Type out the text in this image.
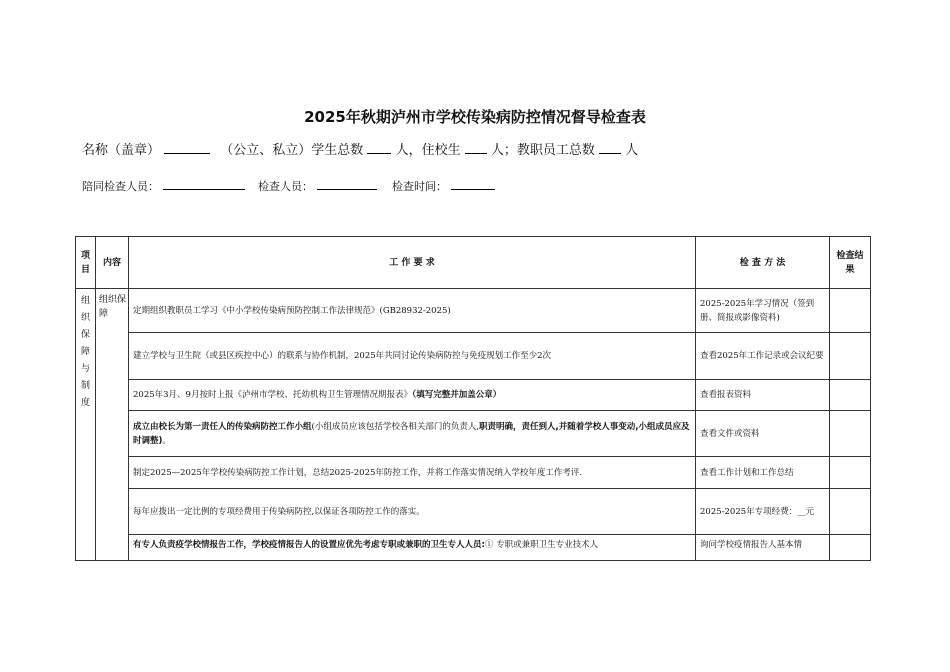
2025年秋期泸州市学校传染病防控情况督导检查表
名称（盖章）	（公立、私立）学生总数 人，住校生 人；教职员工总数 人
陪同检查人员：	检查人员：	检查时间：
项目	内容	工 作 要 求	检 查 方 法	检查结果
组织保障与制度	组织保障	定期组织教职员工学习《中小学校传染病预防控制工作法律规范》(GB28932-2025)	2025-2025年学习情况（签到册、简报或影像资料)	
		建立学校与卫生院（或县区疾控中心）的联系与协作机制，2025年共同讨论传染病防控与免疫规划工作至少2次	查看2025年工作记录或会议纪要	
		2025年3月、9月按时上报《泸州市学校、托幼机构卫生管理情况期报表》（填写完整并加盖公章）	查看报表资料	
		成立由校长为第一责任人的传染病防控工作小组(小组成员应该包括学校各相关部门的负责人,职责明确，责任到人,并随着学校人事变动,小组成员应及时调整)。	查看文件或资料	
		制定2025—2025年学校传染病防控工作计划，总结2025-2025年防控工作，并将工作落实情况纳入学校年度工作考评.	查看工作计划和工作总结	
		每年应拨出一定比例的专项经费用于传染病防控,以保证各项防控工作的落实。	2025-2025年专项经费：__元	
		有专人负责疫学校情报告工作，学校疫情报告人的设置应优先考虑专职或兼职的卫生专人人员:① 专职或兼职卫生专业技术人	询问学校疫情报告人基本情	
